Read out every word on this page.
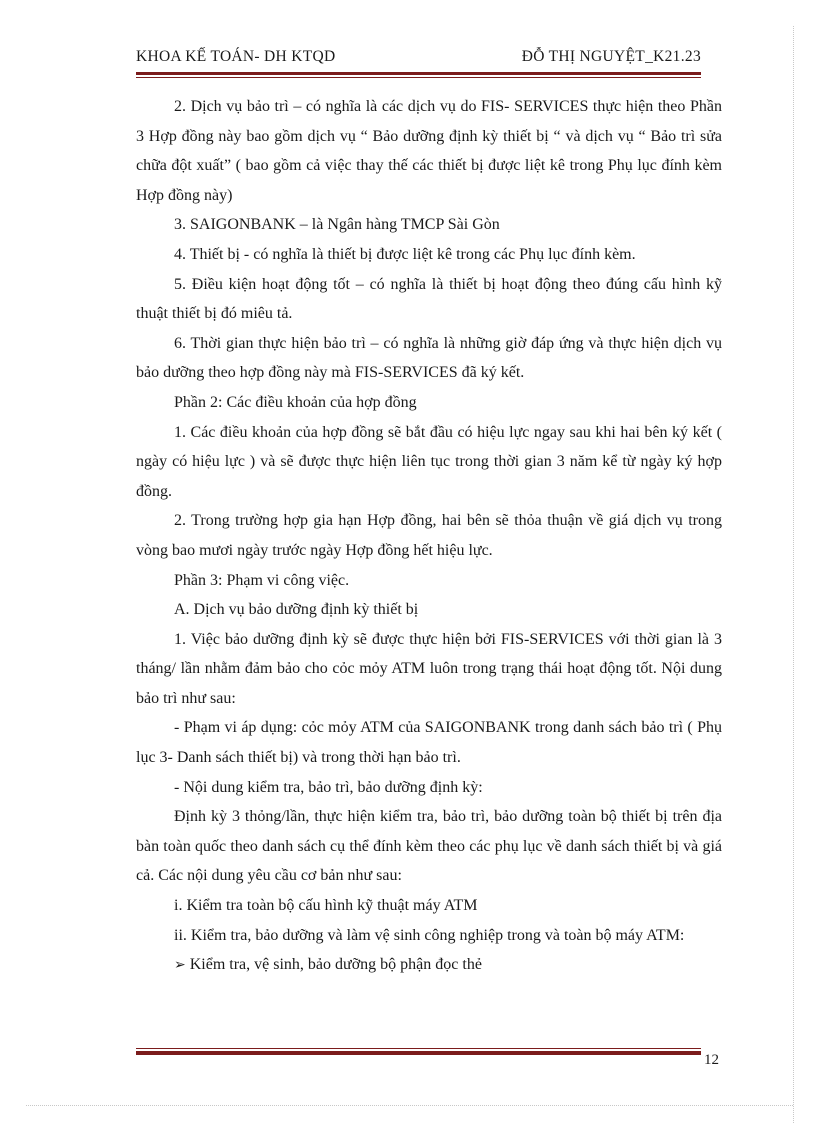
KHOA KẾ TOÁN- DH KTQD	ĐỖ THỊ NGUYỆT_K21.23

2. Dịch vụ bảo trì – có nghĩa là các dịch vụ do FIS- SERVICES thực hiện theo Phần 3 Hợp đồng này bao gồm dịch vụ “ Bảo dưỡng định kỳ thiết bị “ và dịch vụ “ Bảo trì sửa chữa đột xuất” ( bao gồm cả việc thay thế các thiết bị được liệt kê trong Phụ lục đính kèm Hợp đồng này)

3. SAIGONBANK – là Ngân hàng TMCP Sài Gòn

4. Thiết bị - có nghĩa là thiết bị được liệt kê trong các Phụ lục đính kèm.

5. Điều kiện hoạt động tốt – có nghĩa là thiết bị hoạt động theo đúng cấu hình kỹ thuật thiết bị đó miêu tả.

6. Thời gian thực hiện bảo trì – có nghĩa là những giờ đáp ứng và thực hiện dịch vụ bảo dưỡng theo hợp đồng này mà FIS-SERVICES đã ký kết.

Phần 2: Các điều khoản của hợp đồng

1. Các điều khoản của hợp đồng sẽ bắt đầu có hiệu lực ngay sau khi hai bên ký kết ( ngày có hiệu lực ) và sẽ được thực hiện liên tục trong thời gian 3 năm kể từ ngày ký hợp đồng.

2. Trong trường hợp gia hạn Hợp đồng, hai bên sẽ thỏa thuận về giá dịch vụ trong vòng bao mươi ngày trước ngày Hợp đồng hết hiệu lực.

Phần 3: Phạm vi công việc.

A. Dịch vụ bảo dưỡng định kỳ thiết bị

1. Việc bảo dưỡng định kỳ sẽ được thực hiện bởi FIS-SERVICES với thời gian là 3 tháng/ lần nhằm đảm bảo cho cỏc mỏy ATM luôn trong trạng thái hoạt động tốt. Nội dung bảo trì như sau:

- Phạm vi áp dụng: cỏc mỏy ATM của SAIGONBANK trong danh sách bảo trì ( Phụ lục 3- Danh sách thiết bị) và trong thời hạn bảo trì.

- Nội dung kiểm tra, bảo trì, bảo dưỡng định kỳ:

Định kỳ 3 thỏng/lần, thực hiện kiểm tra, bảo trì, bảo dưỡng toàn bộ thiết bị trên địa bàn toàn quốc theo danh sách cụ thể đính kèm theo các phụ lục về danh sách thiết bị và giá cả. Các nội dung yêu cầu cơ bản như sau:

i. Kiểm tra toàn bộ cấu hình kỹ thuật máy ATM

ii. Kiểm tra, bảo dưỡng và làm vệ sinh công nghiệp trong và toàn bộ máy ATM:

➢ Kiểm tra, vệ sinh, bảo dưỡng bộ phận đọc thẻ

12
